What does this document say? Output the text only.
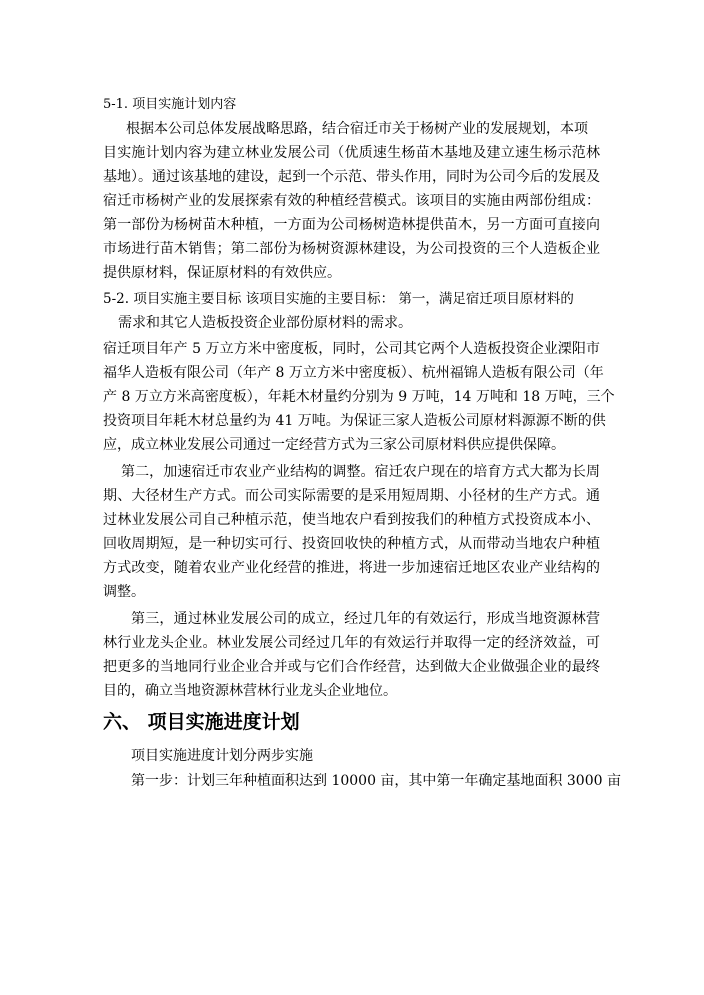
5-1. 项目实施计划内容
根据本公司总体发展战略思路，结合宿迁市关于杨树产业的发展规划，本项
目实施计划内容为建立林业发展公司（优质速生杨苗木基地及建立速生杨示范林
基地）。通过该基地的建设，起到一个示范、带头作用，同时为公司今后的发展及
宿迁市杨树产业的发展探索有效的种植经营模式。该项目的实施由两部份组成：
第一部份为杨树苗木种植，一方面为公司杨树造林提供苗木，另一方面可直接向
市场进行苗木销售；第二部份为杨树资源林建设，为公司投资的三个人造板企业
提供原材料，保证原材料的有效供应。
5-2. 项目实施主要目标 该项目实施的主要目标： 第一，满足宿迁项目原材料的
需求和其它人造板投资企业部份原材料的需求。
宿迁项目年产 5 万立方米中密度板，同时，公司其它两个人造板投资企业溧阳市
福华人造板有限公司（年产 8 万立方米中密度板）、杭州福锦人造板有限公司（年
产 8 万立方米高密度板），年耗木材量约分别为 9 万吨，14 万吨和 18 万吨，三个
投资项目年耗木材总量约为 41 万吨。为保证三家人造板公司原材料源源不断的供
应，成立林业发展公司通过一定经营方式为三家公司原材料供应提供保障。
第二，加速宿迁市农业产业结构的调整。宿迁农户现在的培育方式大都为长周
期、大径材生产方式。而公司实际需要的是采用短周期、小径材的生产方式。通
过林业发展公司自己种植示范，使当地农户看到按我们的种植方式投资成本小、
回收周期短，是一种切实可行、投资回收快的种植方式，从而带动当地农户种植
方式改变，随着农业产业化经营的推进，将进一步加速宿迁地区农业产业结构的
调整。
第三，通过林业发展公司的成立，经过几年的有效运行，形成当地资源林营
林行业龙头企业。林业发展公司经过几年的有效运行并取得一定的经济效益，可
把更多的当地同行业企业合并或与它们合作经营，达到做大企业做强企业的最终
目的，确立当地资源林营林行业龙头企业地位。
六、 项目实施进度计划
项目实施进度计划分两步实施
第一步：计划三年种植面积达到 10000 亩，其中第一年确定基地面积 3000 亩
